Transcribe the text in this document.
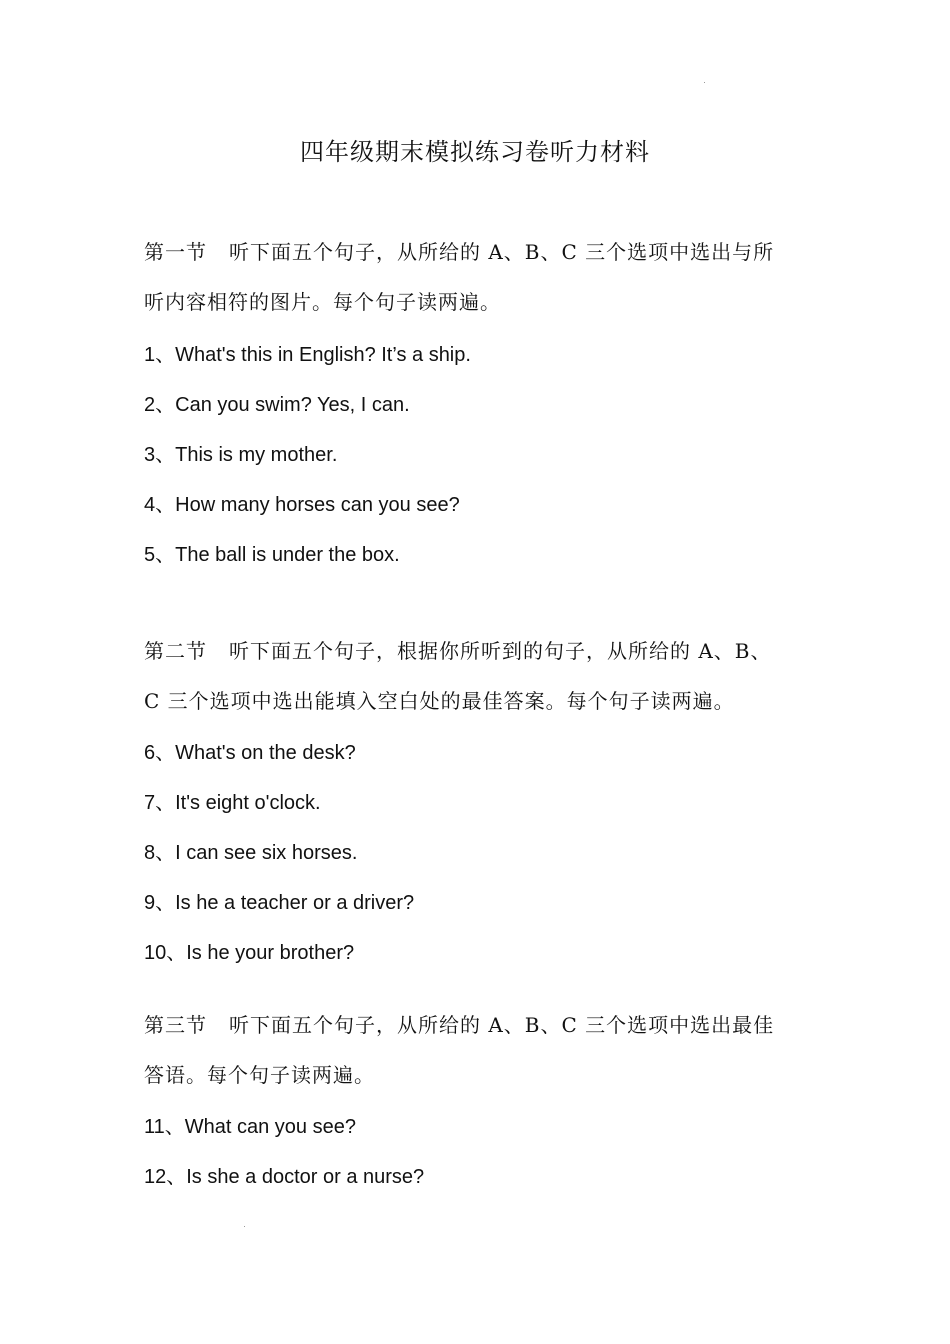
四年级期末模拟练习卷听力材料
第一节 听下面五个句子，从所给的 A、B、C 三个选项中选出与所
听内容相符的图片。每个句子读两遍。
1、What's this in English? It’s a ship.
2、Can you swim? Yes, I can.
3、This is my mother.
4、How many horses can you see?
5、The ball is under the box.
第二节 听下面五个句子，根据你所听到的句子，从所给的 A、B、
C 三个选项中选出能填入空白处的最佳答案。每个句子读两遍。
6、What's on the desk?
7、It's eight o'clock.
8、I can see six horses.
9、Is he a teacher or a driver?
10、Is he your brother?
第三节 听下面五个句子，从所给的 A、B、C 三个选项中选出最佳
答语。每个句子读两遍。
11、What can you see?
12、Is she a doctor or a nurse?
